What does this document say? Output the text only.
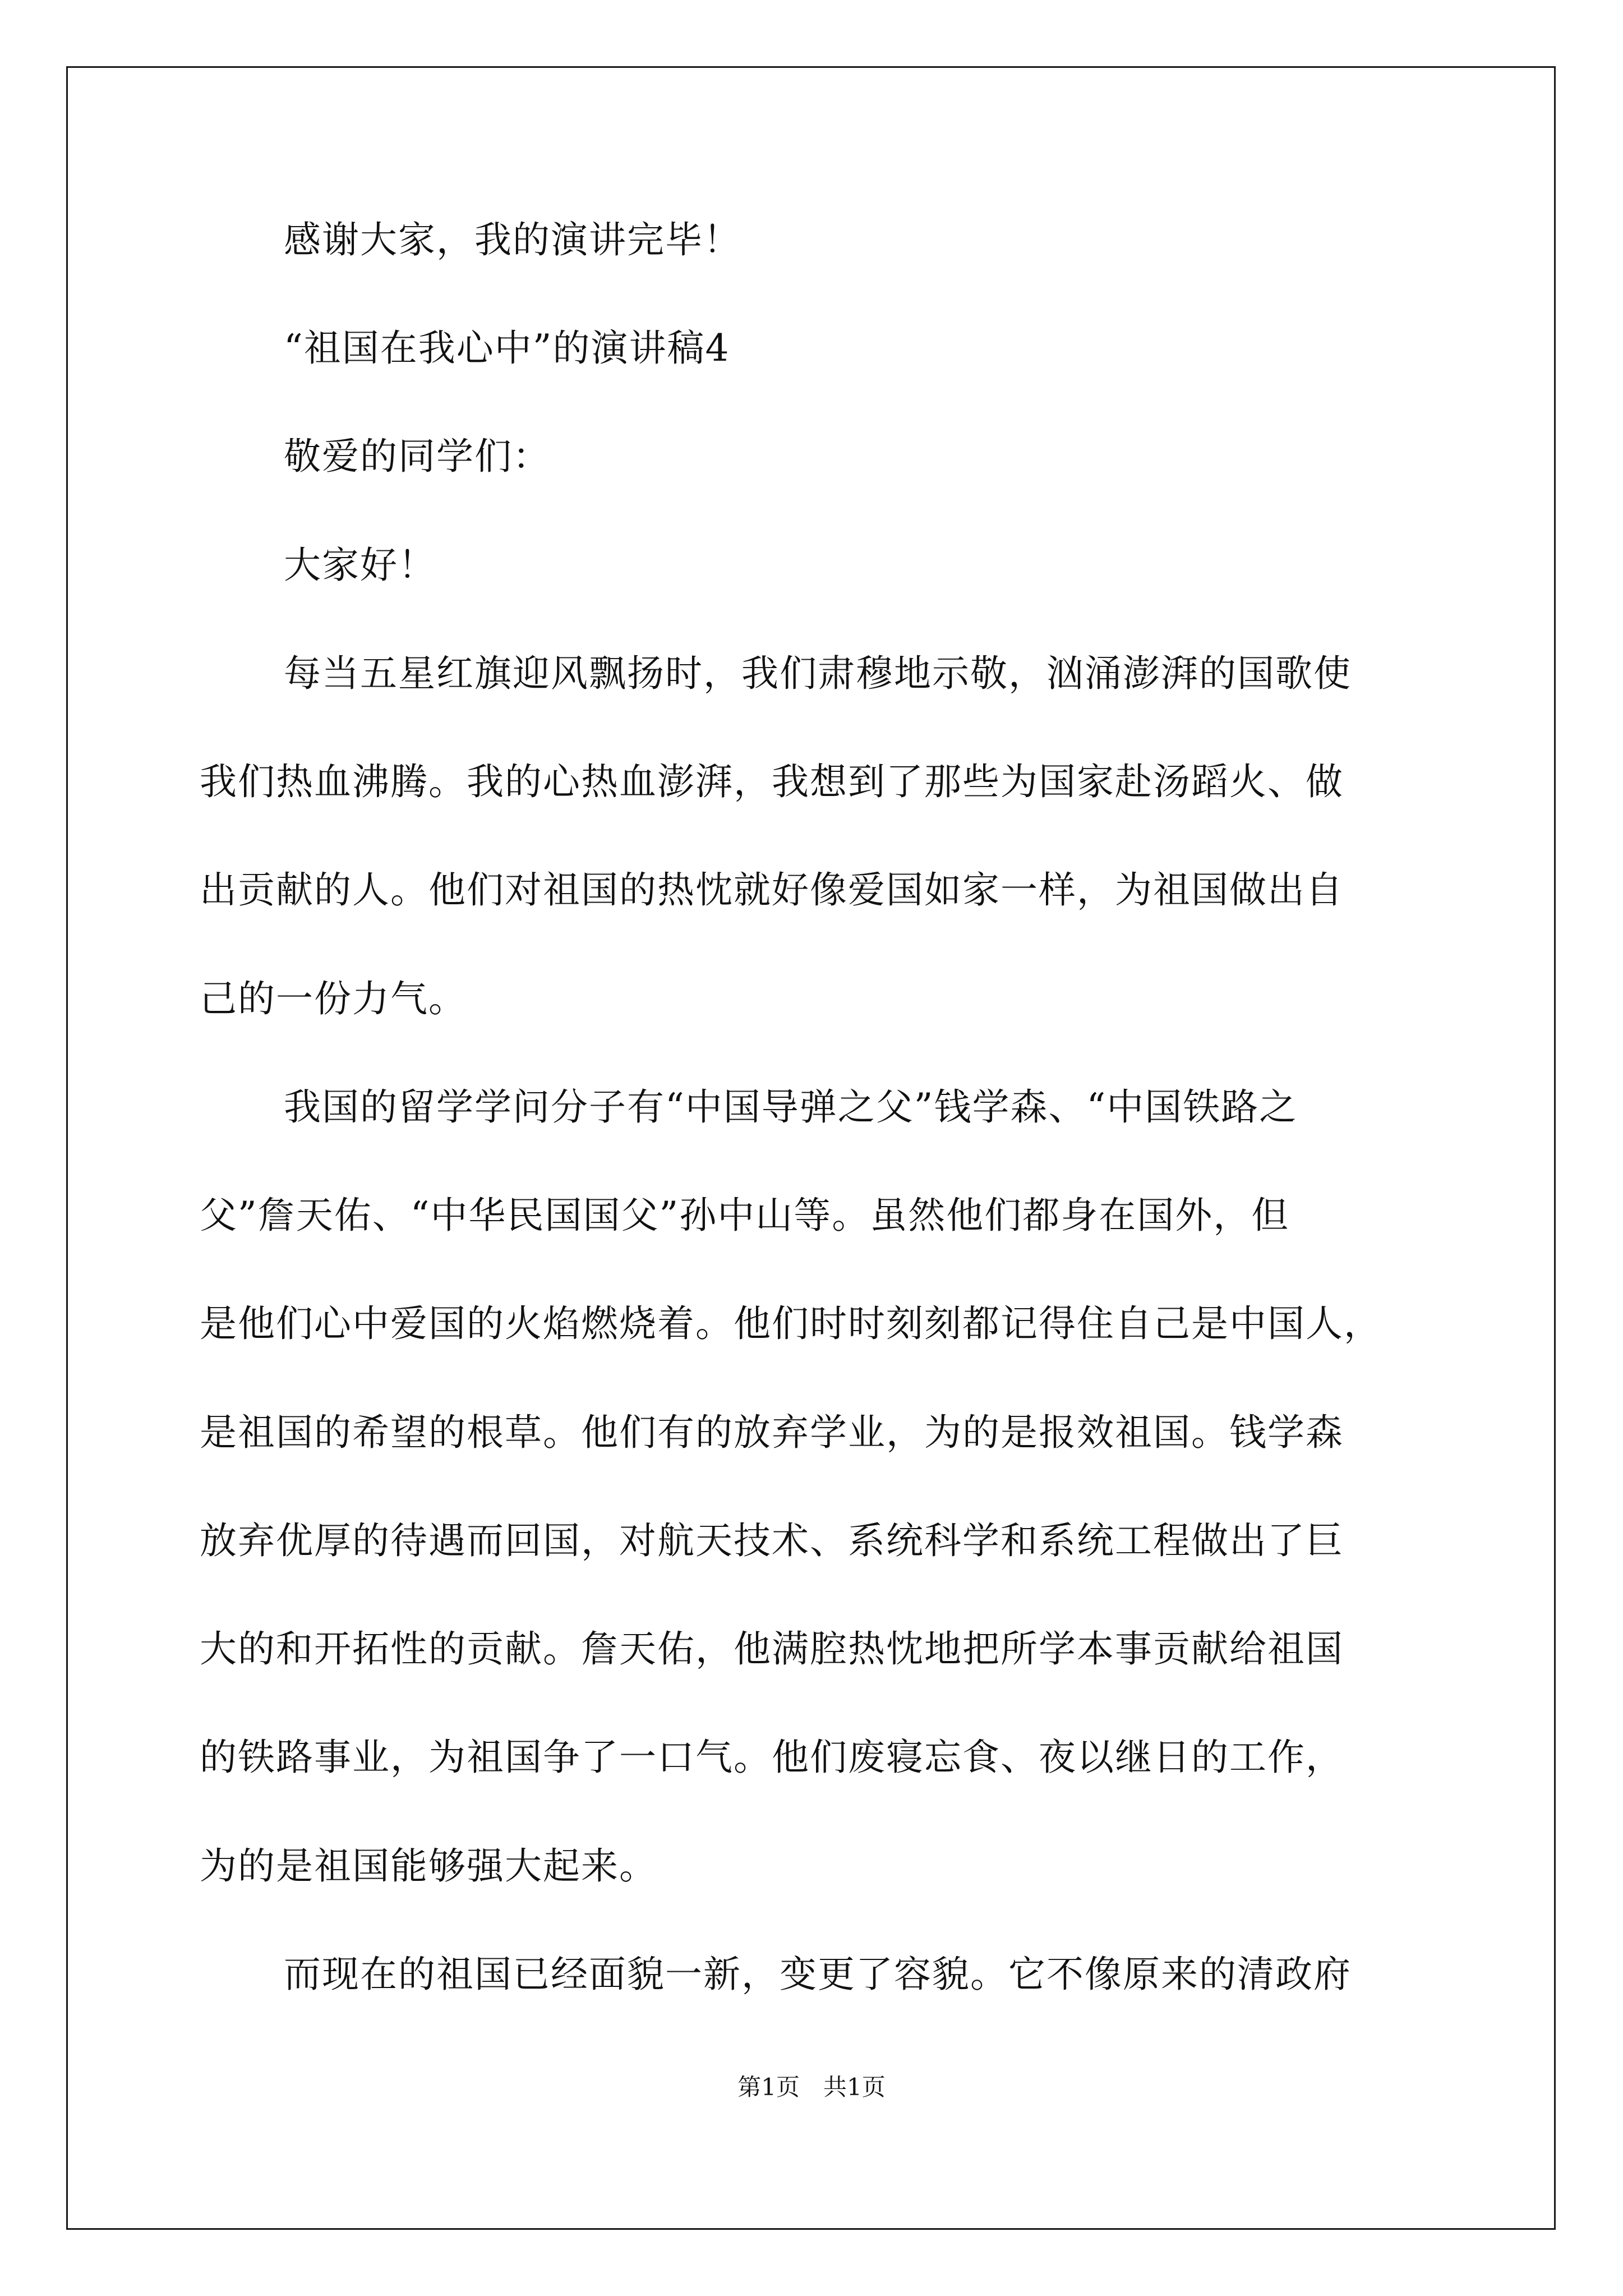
感谢大家，我的演讲完毕！

“祖国在我心中”的演讲稿4

敬爱的同学们：

大家好！

每当五星红旗迎风飘扬时，我们肃穆地示敬，汹涌澎湃的国歌使

我们热血沸腾。我的心热血澎湃，我想到了那些为国家赴汤蹈火、做

出贡献的人。他们对祖国的热忱就好像爱国如家一样，为祖国做出自

己的一份力气。

我国的留学学问分子有“中国导弹之父”钱学森、“中国铁路之

父”詹天佑、“中华民国国父”孙中山等。虽然他们都身在国外，但

是他们心中爱国的火焰燃烧着。他们时时刻刻都记得住自己是中国人，

是祖国的希望的根草。他们有的放弃学业，为的是报效祖国。钱学森

放弃优厚的待遇而回国，对航天技术、系统科学和系统工程做出了巨

大的和开拓性的贡献。詹天佑，他满腔热忱地把所学本事贡献给祖国

的铁路事业，为祖国争了一口气。他们废寝忘食、夜以继日的工作，

为的是祖国能够强大起来。

而现在的祖国已经面貌一新，变更了容貌。它不像原来的清政府

第1页　共1页
